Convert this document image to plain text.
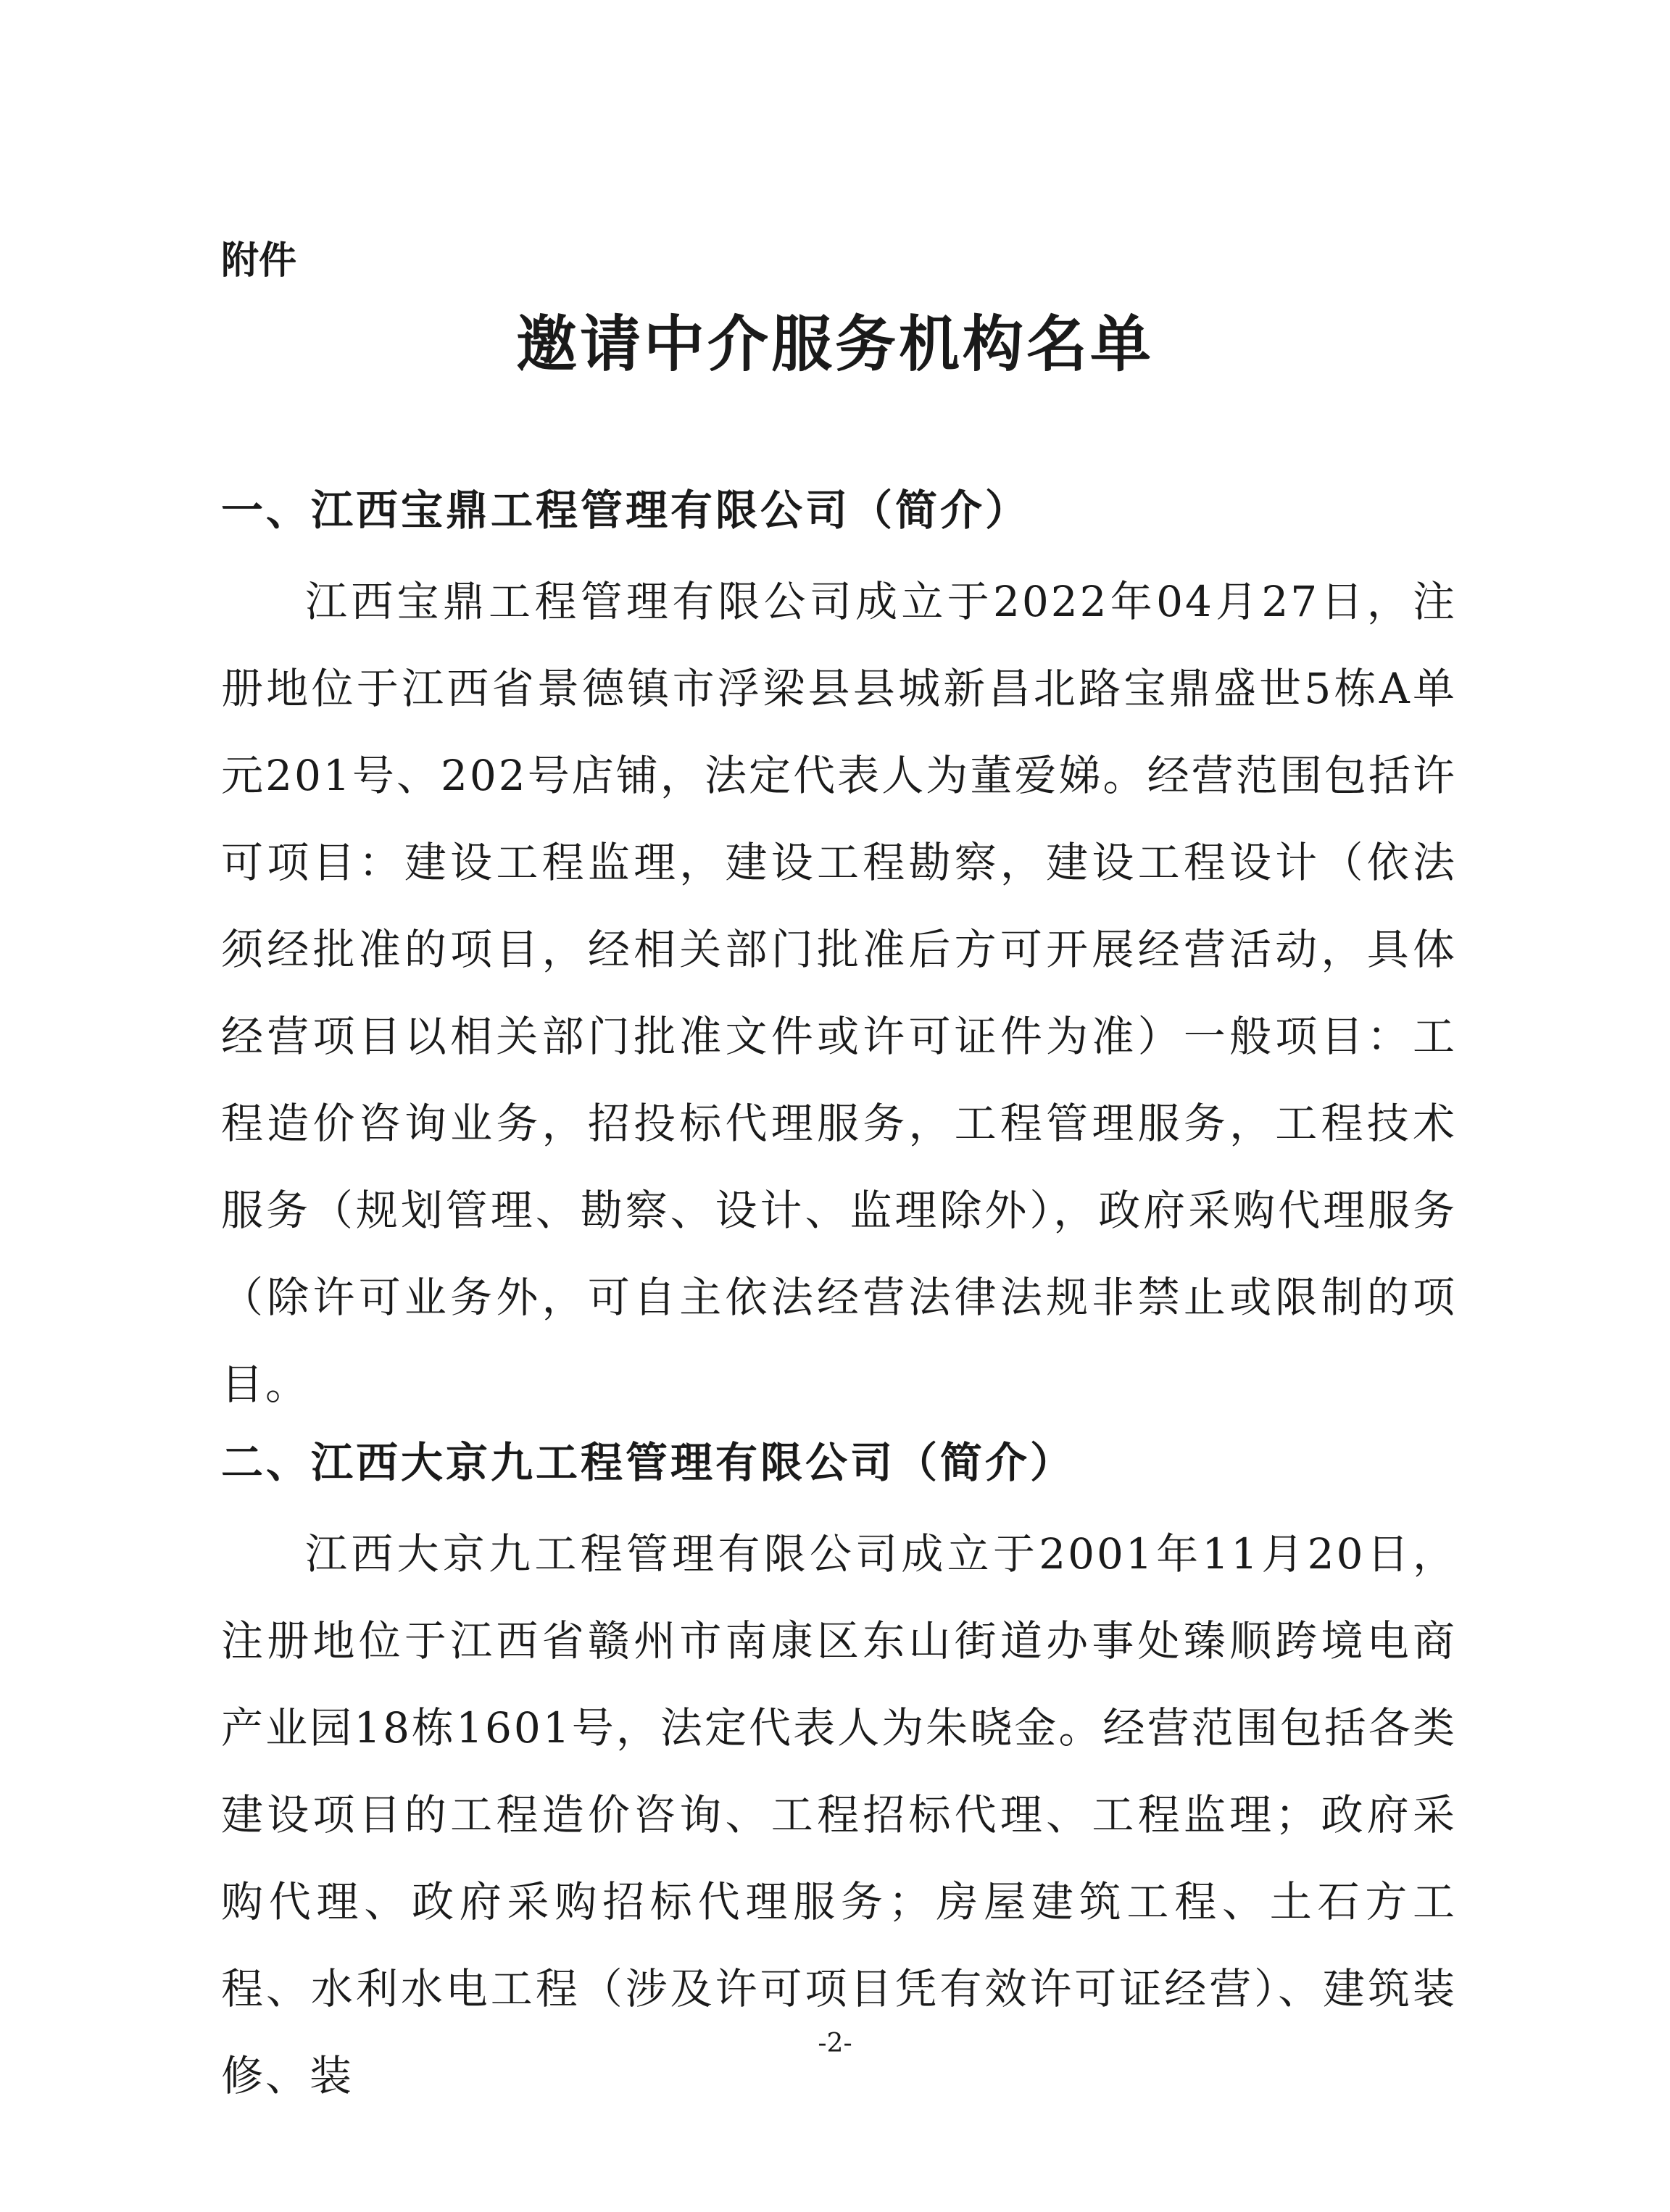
附件
邀请中介服务机构名单
一、江西宝鼎工程管理有限公司（简介）

江西宝鼎工程管理有限公司成立于2022年04月27日，注册地位于江西省景德镇市浮梁县县城新昌北路宝鼎盛世5栋A单元201号、202号店铺，法定代表人为董爱娣。经营范围包括许可项目：建设工程监理，建设工程勘察，建设工程设计（依法须经批准的项目，经相关部门批准后方可开展经营活动，具体经营项目以相关部门批准文件或许可证件为准）一般项目：工程造价咨询业务，招投标代理服务，工程管理服务，工程技术服务（规划管理、勘察、设计、监理除外），政府采购代理服务（除许可业务外，可自主依法经营法律法规非禁止或限制的项目。

二、江西大京九工程管理有限公司（简介）

江西大京九工程管理有限公司成立于2001年11月20日，注册地位于江西省赣州市南康区东山街道办事处臻顺跨境电商产业园18栋1601号，法定代表人为朱晓金。经营范围包括各类建设项目的工程造价咨询、工程招标代理、工程监理；政府采购代理、政府采购招标代理服务；房屋建筑工程、土石方工程、水利水电工程（涉及许可项目凭有效许可证经营）、建筑装修、装

-2-
